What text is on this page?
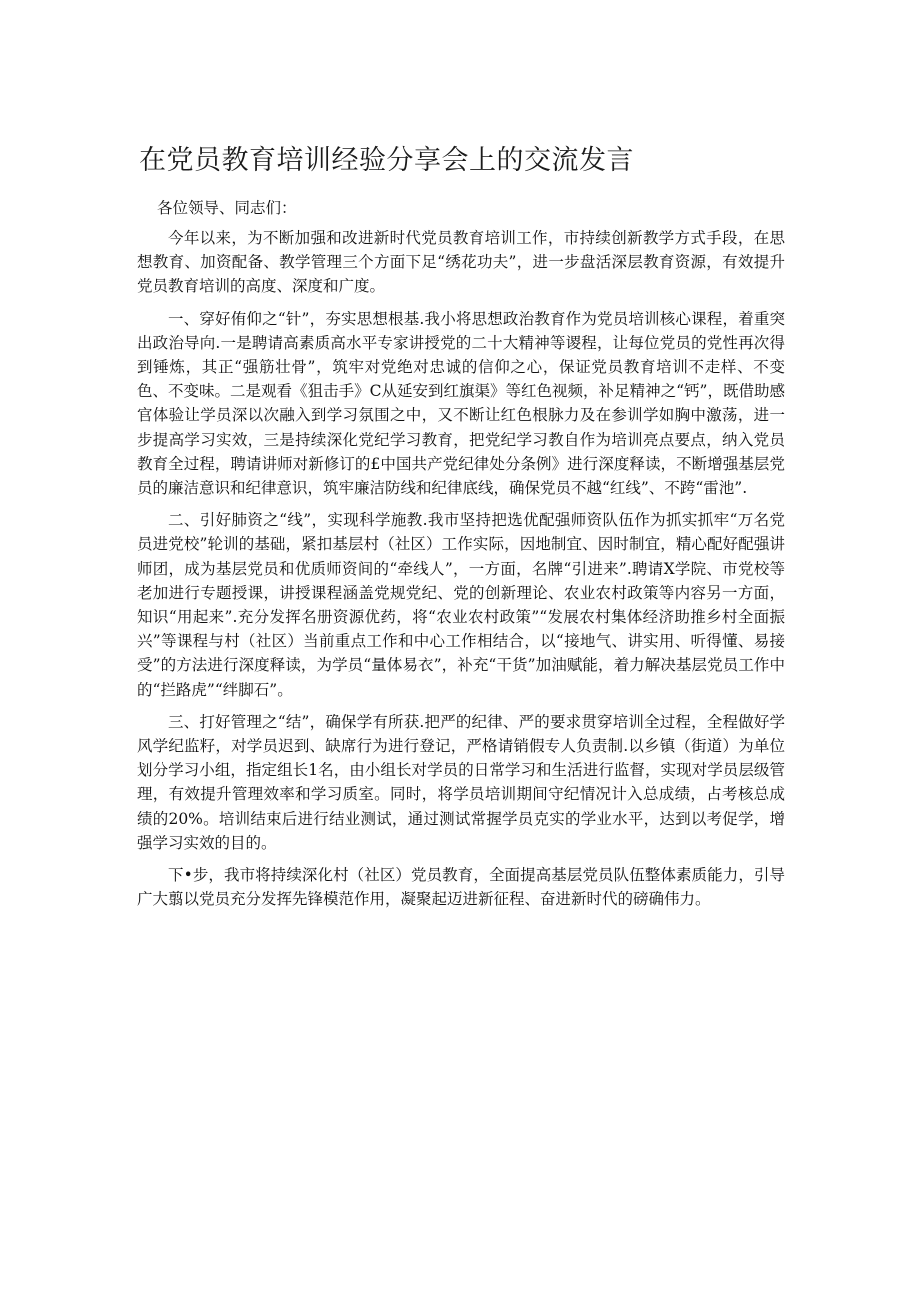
在党员教育培训经验分享会上的交流发言

各位领导、同志们：

今年以来，为不断加强和改进新时代党员教育培训工作，市持续创新教学方式手段，在思想教育、加资配备、教学管理三个方面下足“绣花功夫”，进一步盘活深层教育资源，有效提升党员教育培训的高度、深度和广度。

一、穿好侑仰之“针”，夯实思想根基.我小将思想政治教育作为党员培训核心课程，着重突出政治导向.一是聘请高素质高水平专家讲授党的二十大精神等谡程，让每位党员的党性再次得到锤炼，其正“强筋壮骨”，筑牢对党绝对忠诚的信仰之心，保证党员教育培训不走样、不变色、不变味。二是观看《狙击手》C从延安到红旗渠》等红色视频，补足精神之“钙”，既借助感官体验让学员深以次融入到学习氛围之中，又不断让红色根脉力及在参训学如胸中激荡，进一步提高学习实效，三是持续深化党纪学习教育，把党纪学习教自作为培训亮点要点，纳入党员教育全过程，聘请讲师对新修订的£中国共产党纪律处分条例》进行深度释读，不断增强基层党员的廉洁意识和纪律意识，筑牢廉洁防线和纪律底线，确保党员不越“红线”、不跨“雷池”.

二、引好肺资之“线”，实现科学施教.我市坚持把选优配强师资队伍作为抓实抓牢“万名党员进党校”轮训的基础，紧扣基层村（社区）工作实际，因地制宜、因时制宜，精心配好配强讲师团，成为基层党员和优质师资间的“牵线人”，一方面，名牌“引进来”.聘请X学院、市党校等老加进行专题授课，讲授课程涵盖党规党纪、党的创新理论、农业农村政策等内容另一方面，知识“用起来”.充分发挥名册资源优药，将“农业农村政策”“发展农村集体经济助推乡村全面振兴”等课程与村（社区）当前重点工作和中心工作相结合，以“接地气、讲实用、听得懂、易接受”的方法进行深度释读，为学员“量体易衣”，补充“干货”加油赋能，着力解决基层党员工作中的“拦路虎”“绊脚石”。

三、打好管理之“结”，确保学有所获.把严的纪律、严的要求贯穿培训全过程，全程做好学风学纪监籽，对学员迟到、缺席行为进行登记，严格请销假专人负责制.以乡镇（街道）为单位划分学习小组，指定组长1名，由小组长对学员的日常学习和生活进行监督，实现对学员层级管理，有效提升管理效率和学习质室。同时，将学员培训期间守纪情况计入总成绩，占考核总成绩的20%。培训结束后进行结业测试，通过测试常握学员克实的学业水平，达到以考促学，增强学习实效的目的。

下•步，我市将持续深化村（社区）党员教育，全面提高基层党员队伍整体素质能力，引导广大翦以党员充分发挥先锋模范作用，凝聚起迈进新征程、奋进新时代的磅确伟力。
